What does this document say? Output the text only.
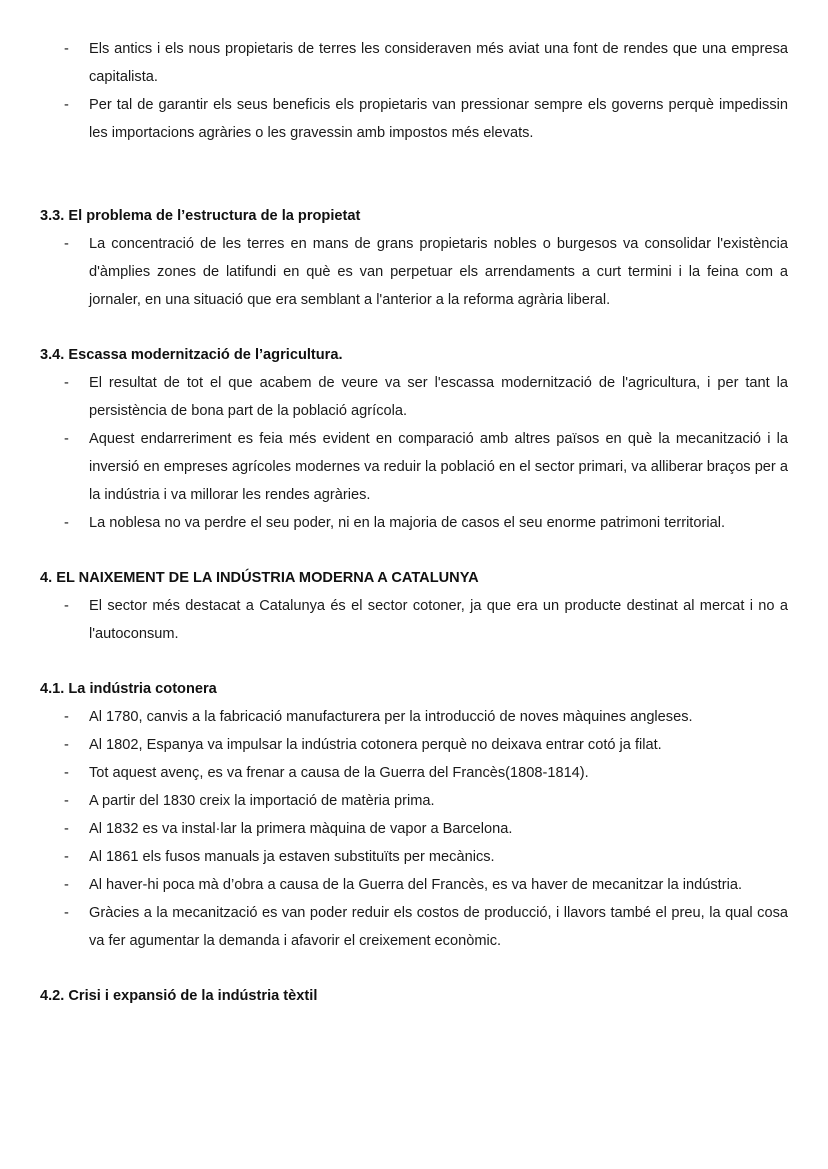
- Els antics i els nous propietaris de terres les consideraven més aviat una font de rendes que una empresa capitalista.
- Per tal de garantir els seus beneficis els propietaris van pressionar sempre els governs perquè impedissin les importacions agràries o les gravessin amb impostos més elevats.
3.3. El problema de l’estructura de la propietat
- La concentració de les terres en mans de grans propietaris nobles o burgesos va consolidar l'existència d'àmplies zones de latifundi en què es van perpetuar els arrendaments a curt termini i la feina com a jornaler, en una situació que era semblant a l'anterior a la reforma agrària liberal.
3.4. Escassa modernització de l’agricultura.
- El resultat de tot el que acabem de veure va ser l'escassa modernització de l'agricultura, i per tant la persistència de bona part de la població agrícola.
- Aquest endarreriment es feia més evident en comparació amb altres països en què la mecanització i la inversió en empreses agrícoles modernes va reduir la població en el sector primari, va alliberar braços per a la indústria i va millorar les rendes agràries.
- La noblesa no va perdre el seu poder, ni en la majoria de casos el seu enorme patrimoni territorial.
4. EL NAIXEMENT DE LA INDÚSTRIA MODERNA A CATALUNYA
- El sector més destacat a Catalunya és el sector cotoner, ja que era un producte destinat al mercat i no a l'autoconsum.
4.1. La indústria cotonera
- Al 1780, canvis a la fabricació manufacturera per la introducció de noves màquines angleses.
- Al 1802, Espanya va impulsar la indústria cotonera perquè no deixava entrar cotó ja filat.
- Tot aquest avenç, es va frenar a causa de la Guerra del Francès(1808-1814).
- A partir del 1830 creix la importació de matèria prima.
- Al 1832 es va instal·lar la primera màquina de vapor a Barcelona.
- Al 1861 els fusos manuals ja estaven substituïts per mecànics.
- Al haver-hi poca mà d’obra a causa de la Guerra del Francès, es va haver de mecanitzar la indústria.
- Gràcies a la mecanització es van poder reduir els costos de producció, i llavors també el preu, la qual cosa va fer agumentar la demanda i afavorir el creixement econòmic.
4.2. Crisi i expansió de la indústria tèxtil
